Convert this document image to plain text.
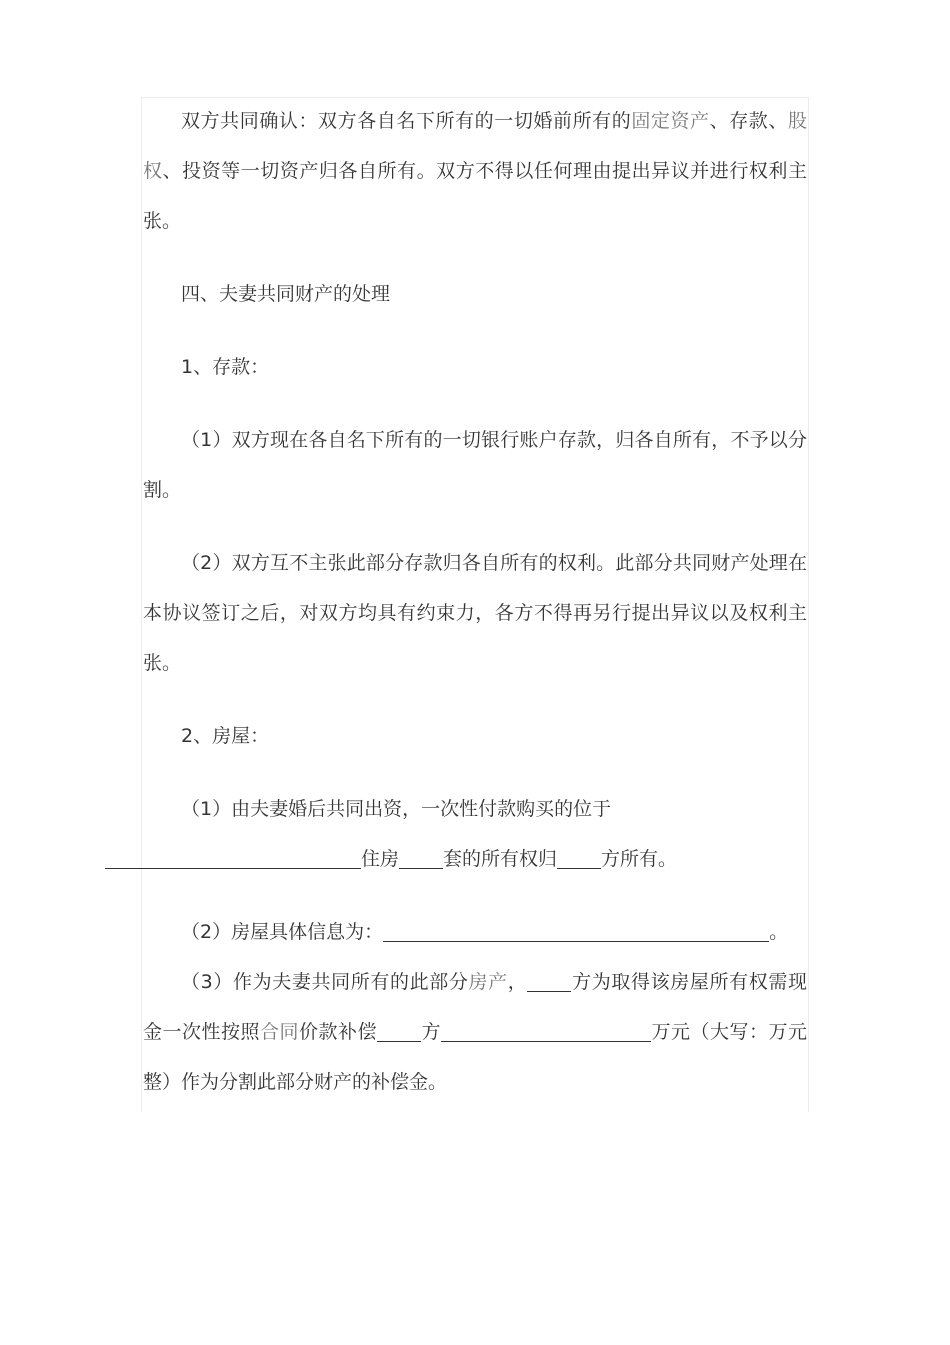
双方共同确认：双方各自名下所有的一切婚前所有的固定资产、存款、股权、投资等一切资产归各自所有。双方不得以任何理由提出异议并进行权利主张。

四、夫妻共同财产的处理

1、存款：

（1）双方现在各自名下所有的一切银行账户存款，归各自所有，不予以分割。

（2）双方互不主张此部分存款归各自所有的权利。此部分共同财产处理在本协议签订之后，对双方均具有约束力，各方不得再另行提出异议以及权利主张。

2、房屋：

（1）由夫妻婚后共同出资，一次性付款购买的位于
住房 套的所有权归 方所有。

（2）房屋具体信息为：	。

（3）作为夫妻共同所有的此部分房产， 方为取得该房屋所有权需现金一次性按照合同价款补偿 方	万元（大写：万元整）作为分割此部分财产的补偿金。
